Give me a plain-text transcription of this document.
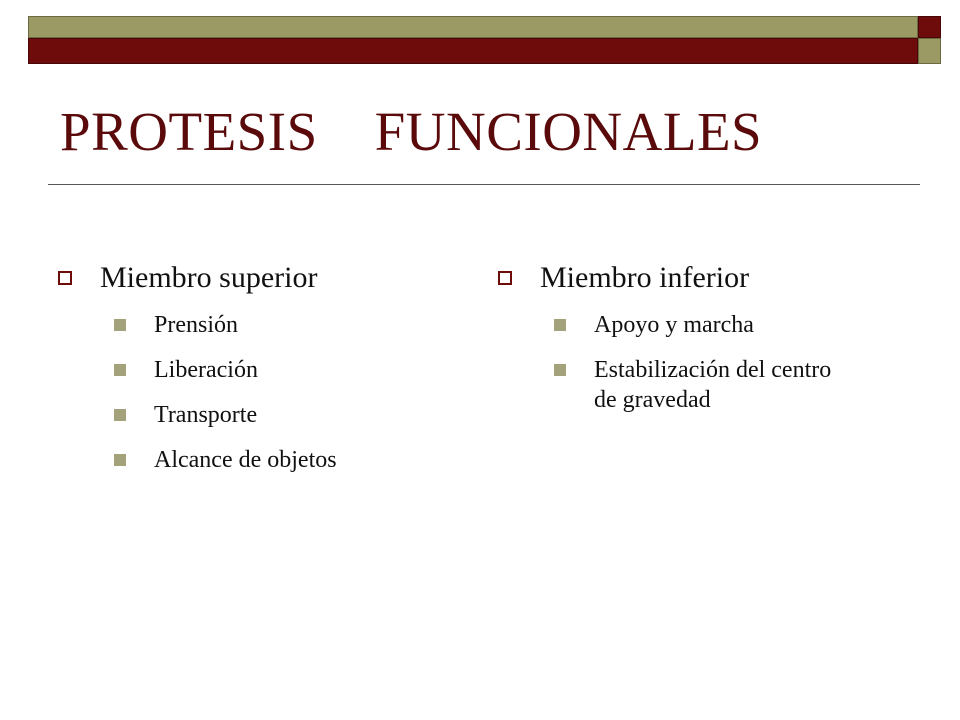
PROTESIS    FUNCIONALES
Miembro superior
Prensión
Liberación
Transporte
Alcance de objetos
Miembro inferior
Apoyo y marcha
Estabilización del centro de gravedad
